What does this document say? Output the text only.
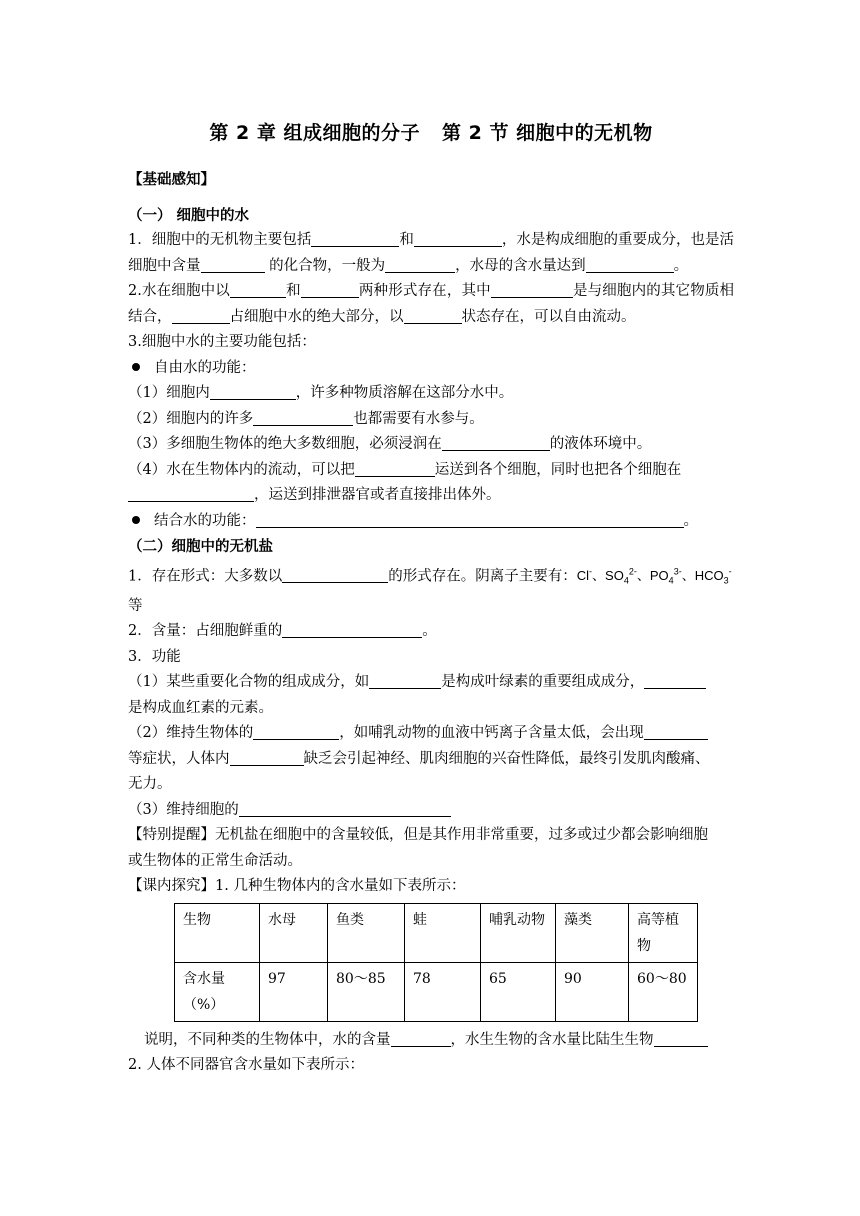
第 2 章 组成细胞的分子 第 2 节 细胞中的无机物

【基础感知】

（一） 细胞中的水

1．细胞中的无机物主要包括	和	，水是构成细胞的重要成分，也是活细胞中含量	的化合物，一般为	，水母的含水量达到	。

2.水在细胞中以	和	两种形式存在，其中	是与细胞内的其它物质相结合，	占细胞中水的绝大部分，以	状态存在，可以自由流动。

3.细胞中水的主要功能包括：

自由水的功能：

（1）细胞内	，许多种物质溶解在这部分水中。

（2）细胞内的许多	也都需要有水参与。

（3）多细胞生物体的绝大多数细胞，必须浸润在	的液体环境中。

（4）水在生物体内的流动，可以把	运送到各个细胞，同时也把各个细胞在
，运送到排泄器官或者直接排出体外。

结合水的功能：	。

（二）细胞中的无机盐

1．存在形式：大多数以	的形式存在。阴离子主要有：Cl-、$SO_4^{2-}$、$PO_4^{3-}$、$HCO_3^-$
等

2．含量：占细胞鲜重的	。

3．功能

（1）某些重要化合物的组成成分，如	是构成叶绿素的重要组成成分，
是构成血红素的元素。

（2）维持生物体的	，如哺乳动物的血液中钙离子含量太低，会出现
等症状，人体内	缺乏会引起神经、肌肉细胞的兴奋性降低，最终引发肌肉酸痛、
无力。

（3）维持细胞的

【特别提醒】无机盐在细胞中的含量较低，但是其作用非常重要，过多或过少都会影响细胞
或生物体的正常生命活动。

【课内探究】1. 几种生物体内的含水量如下表所示：

生物	水母	鱼类	蛙	哺乳动物	藻类	高等植物
含水量（%）	97	80～85	78	65	90	60～80

说明，不同种类的生物体中，水的含量	，水生生物的含水量比陆生生物

2. 人体不同器官含水量如下表所示：
